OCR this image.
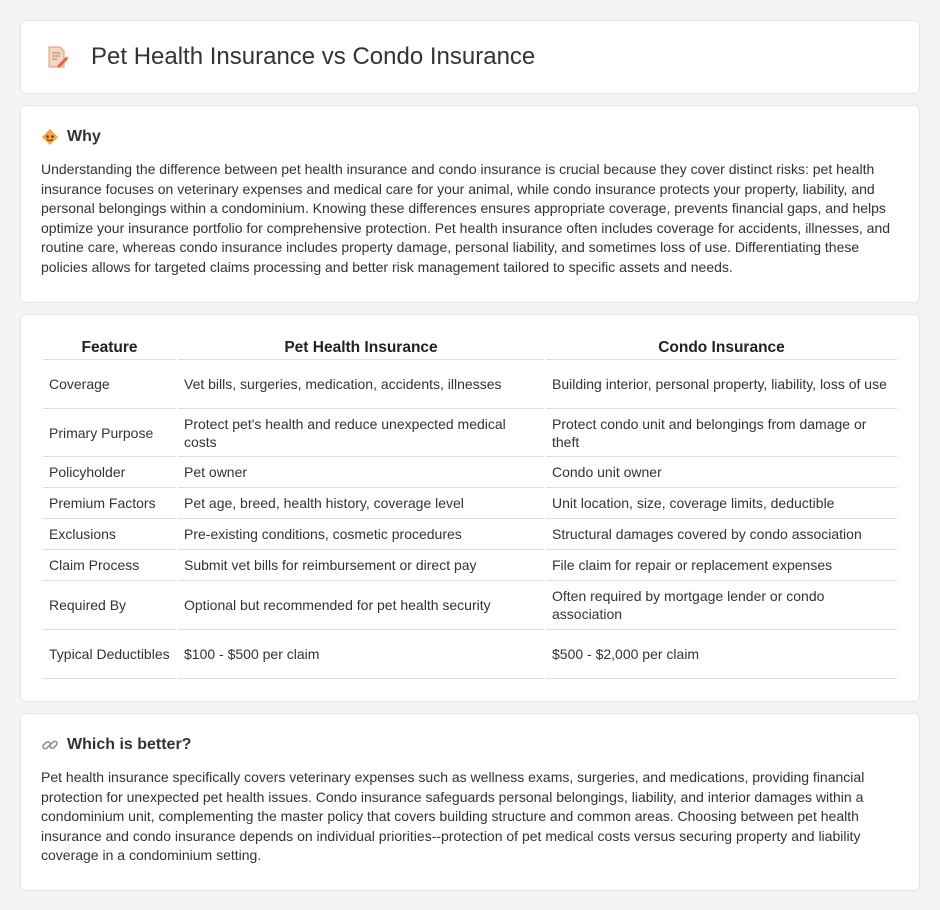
Pet Health Insurance vs Condo Insurance
Why

Understanding the difference between pet health insurance and condo insurance is crucial because they cover distinct risks: pet health insurance focuses on veterinary expenses and medical care for your animal, while condo insurance protects your property, liability, and personal belongings within a condominium. Knowing these differences ensures appropriate coverage, prevents financial gaps, and helps optimize your insurance portfolio for comprehensive protection. Pet health insurance often includes coverage for accidents, illnesses, and routine care, whereas condo insurance includes property damage, personal liability, and sometimes loss of use. Differentiating these policies allows for targeted claims processing and better risk management tailored to specific assets and needs.

Feature	Pet Health Insurance	Condo Insurance
Coverage	Vet bills, surgeries, medication, accidents, illnesses	Building interior, personal property, liability, loss of use
Primary Purpose	Protect pet's health and reduce unexpected medical costs	Protect condo unit and belongings from damage or theft
Policyholder	Pet owner	Condo unit owner
Premium Factors	Pet age, breed, health history, coverage level	Unit location, size, coverage limits, deductible
Exclusions	Pre-existing conditions, cosmetic procedures	Structural damages covered by condo association
Claim Process	Submit vet bills for reimbursement or direct pay	File claim for repair or replacement expenses
Required By	Optional but recommended for pet health security	Often required by mortgage lender or condo association
Typical Deductibles	$100 - $500 per claim	$500 - $2,000 per claim
Which is better?

Pet health insurance specifically covers veterinary expenses such as wellness exams, surgeries, and medications, providing financial protection for unexpected pet health issues. Condo insurance safeguards personal belongings, liability, and interior damages within a condominium unit, complementing the master policy that covers building structure and common areas. Choosing between pet health insurance and condo insurance depends on individual priorities--protection of pet medical costs versus securing property and liability coverage in a condominium setting.
